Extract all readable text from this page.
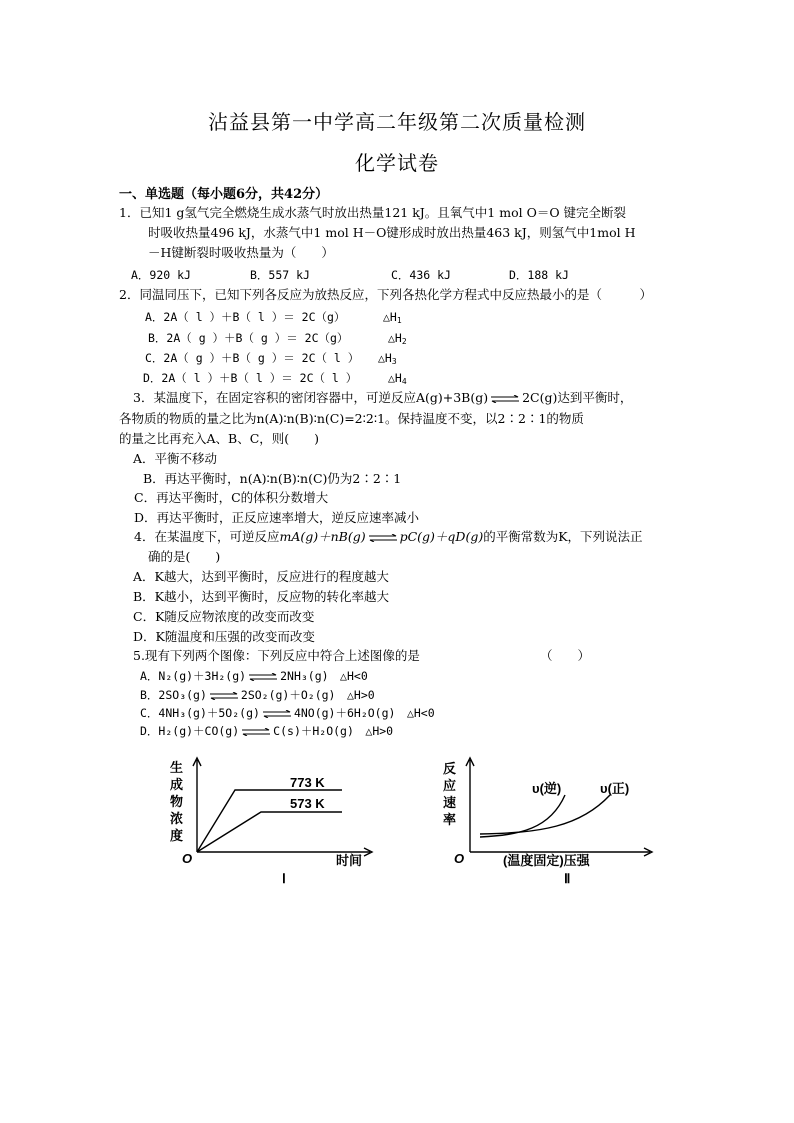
沾益县第一中学高二年级第二次质量检测
化学试卷
一、单选题（每小题6分，共42分）
1．已知1 g氢气完全燃烧生成水蒸气时放出热量121 kJ。且氧气中1 mol O＝O 键完全断裂
时吸收热量496 kJ，水蒸气中1 mol H－O键形成时放出热量463 kJ，则氢气中1mol H
－H键断裂时吸收热量为（　　）
A．920 kJ	B．557 kJ	C．436 kJ	D．188 kJ
2．同温同压下，已知下列各反应为放热反应，下列各热化学方程式中反应热最小的是（　　　）
A．2A（ l ）＋B（ l ）＝ 2C（g）	$\triangle H_1$
B．2A（ g ）＋B（ g ）＝ 2C（g）	$\triangle H_2$
C．2A（ g ）＋B（ g ）＝ 2C（ l ） $\triangle H_3$
D．2A（ l ）＋B（ l ）＝ 2C（ l ）	$\triangle H_4$
3．某温度下，在固定容积的密闭容器中，可逆反应A(g)+3B(g) ⇌ 2C(g)达到平衡时，
各物质的物质的量之比为n(A)∶n(B)∶n(C)=2∶2∶1。保持温度不变，以2∶2∶1的物质
的量之比再充入A、B、C，则(　　)
A．平衡不移动
B．再达平衡时，n(A)∶n(B)∶n(C)仍为2∶2∶1
C．再达平衡时，C的体积分数增大
D．再达平衡时，正反应速率增大，逆反应速率减小
4．在某温度下，可逆反应mA(g)＋nB(g) ⇌ pC(g)＋qD(g)的平衡常数为K，下列说法正
确的是(　　)
A．K越大，达到平衡时，反应进行的程度越大
B．K越小，达到平衡时，反应物的转化率越大
C．K随反应物浓度的改变而改变
D．K随温度和压强的改变而改变
5.现有下列两个图像：下列反应中符合上述图像的是	（　　）
A．N₂(g)＋3H₂(g) ⇌ 2NH₃(g)　△H<0
B．2SO₃(g) ⇌ 2SO₂(g)＋O₂(g)　△H>0
C．4NH₃(g)＋5O₂(g) ⇌ 4NO(g)＋6H₂O(g)　△H<0
D．H₂(g)＋CO(g) ⇌ C(s)＋H₂O(g)　△H>0
生
成
物
浓
度
O	时间
773 K
573 K
Ⅰ
反
应
速
率
O	(温度固定)压强
υ(逆)	υ(正)
Ⅱ
